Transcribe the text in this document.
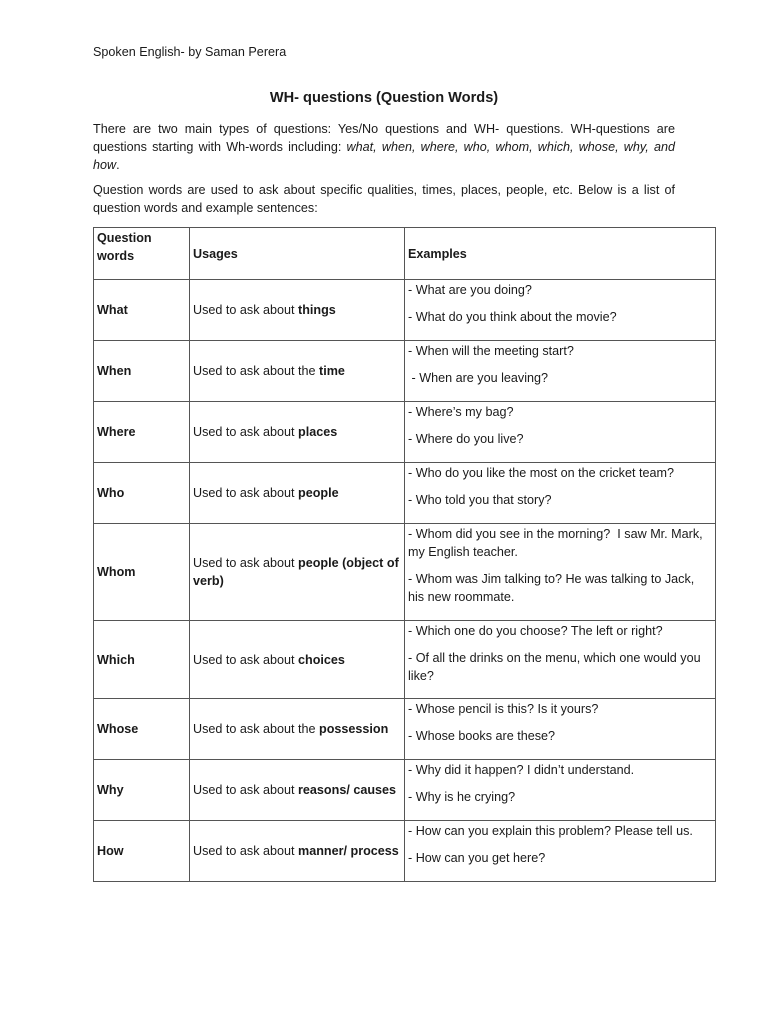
Spoken English- by Saman Perera
WH- questions (Question Words)

There are two main types of questions: Yes/No questions and WH- questions. WH-questions are questions starting with Wh-words including: what, when, where, who, whom, which, whose, why, and how.

Question words are used to ask about specific qualities, times, places, people, etc. Below is a list of question words and example sentences:

Question words	Usages	Examples
What	Used to ask about things	- What are you doing?

- What do you think about the movie?

When	Used to ask about the time	- When will the meeting start?

- When are you leaving?

Where	Used to ask about places	- Where’s my bag?

- Where do you live?

Who	Used to ask about people	- Who do you like the most on the cricket team?

- Who told you that story?

Whom	Used to ask about people (object of verb)	- Whom did you see in the morning?  I saw Mr. Mark, my English teacher.

- Whom was Jim talking to? He was talking to Jack, his new roommate.

Which	Used to ask about choices	- Which one do you choose? The left or right?

- Of all the drinks on the menu, which one would you like?

Whose	Used to ask about the possession	- Whose pencil is this? Is it yours?

- Whose books are these?

Why	Used to ask about reasons/ causes	- Why did it happen? I didn’t understand.

- Why is he crying?

How	Used to ask about manner/ process	- How can you explain this problem? Please tell us.

- How can you get here?
